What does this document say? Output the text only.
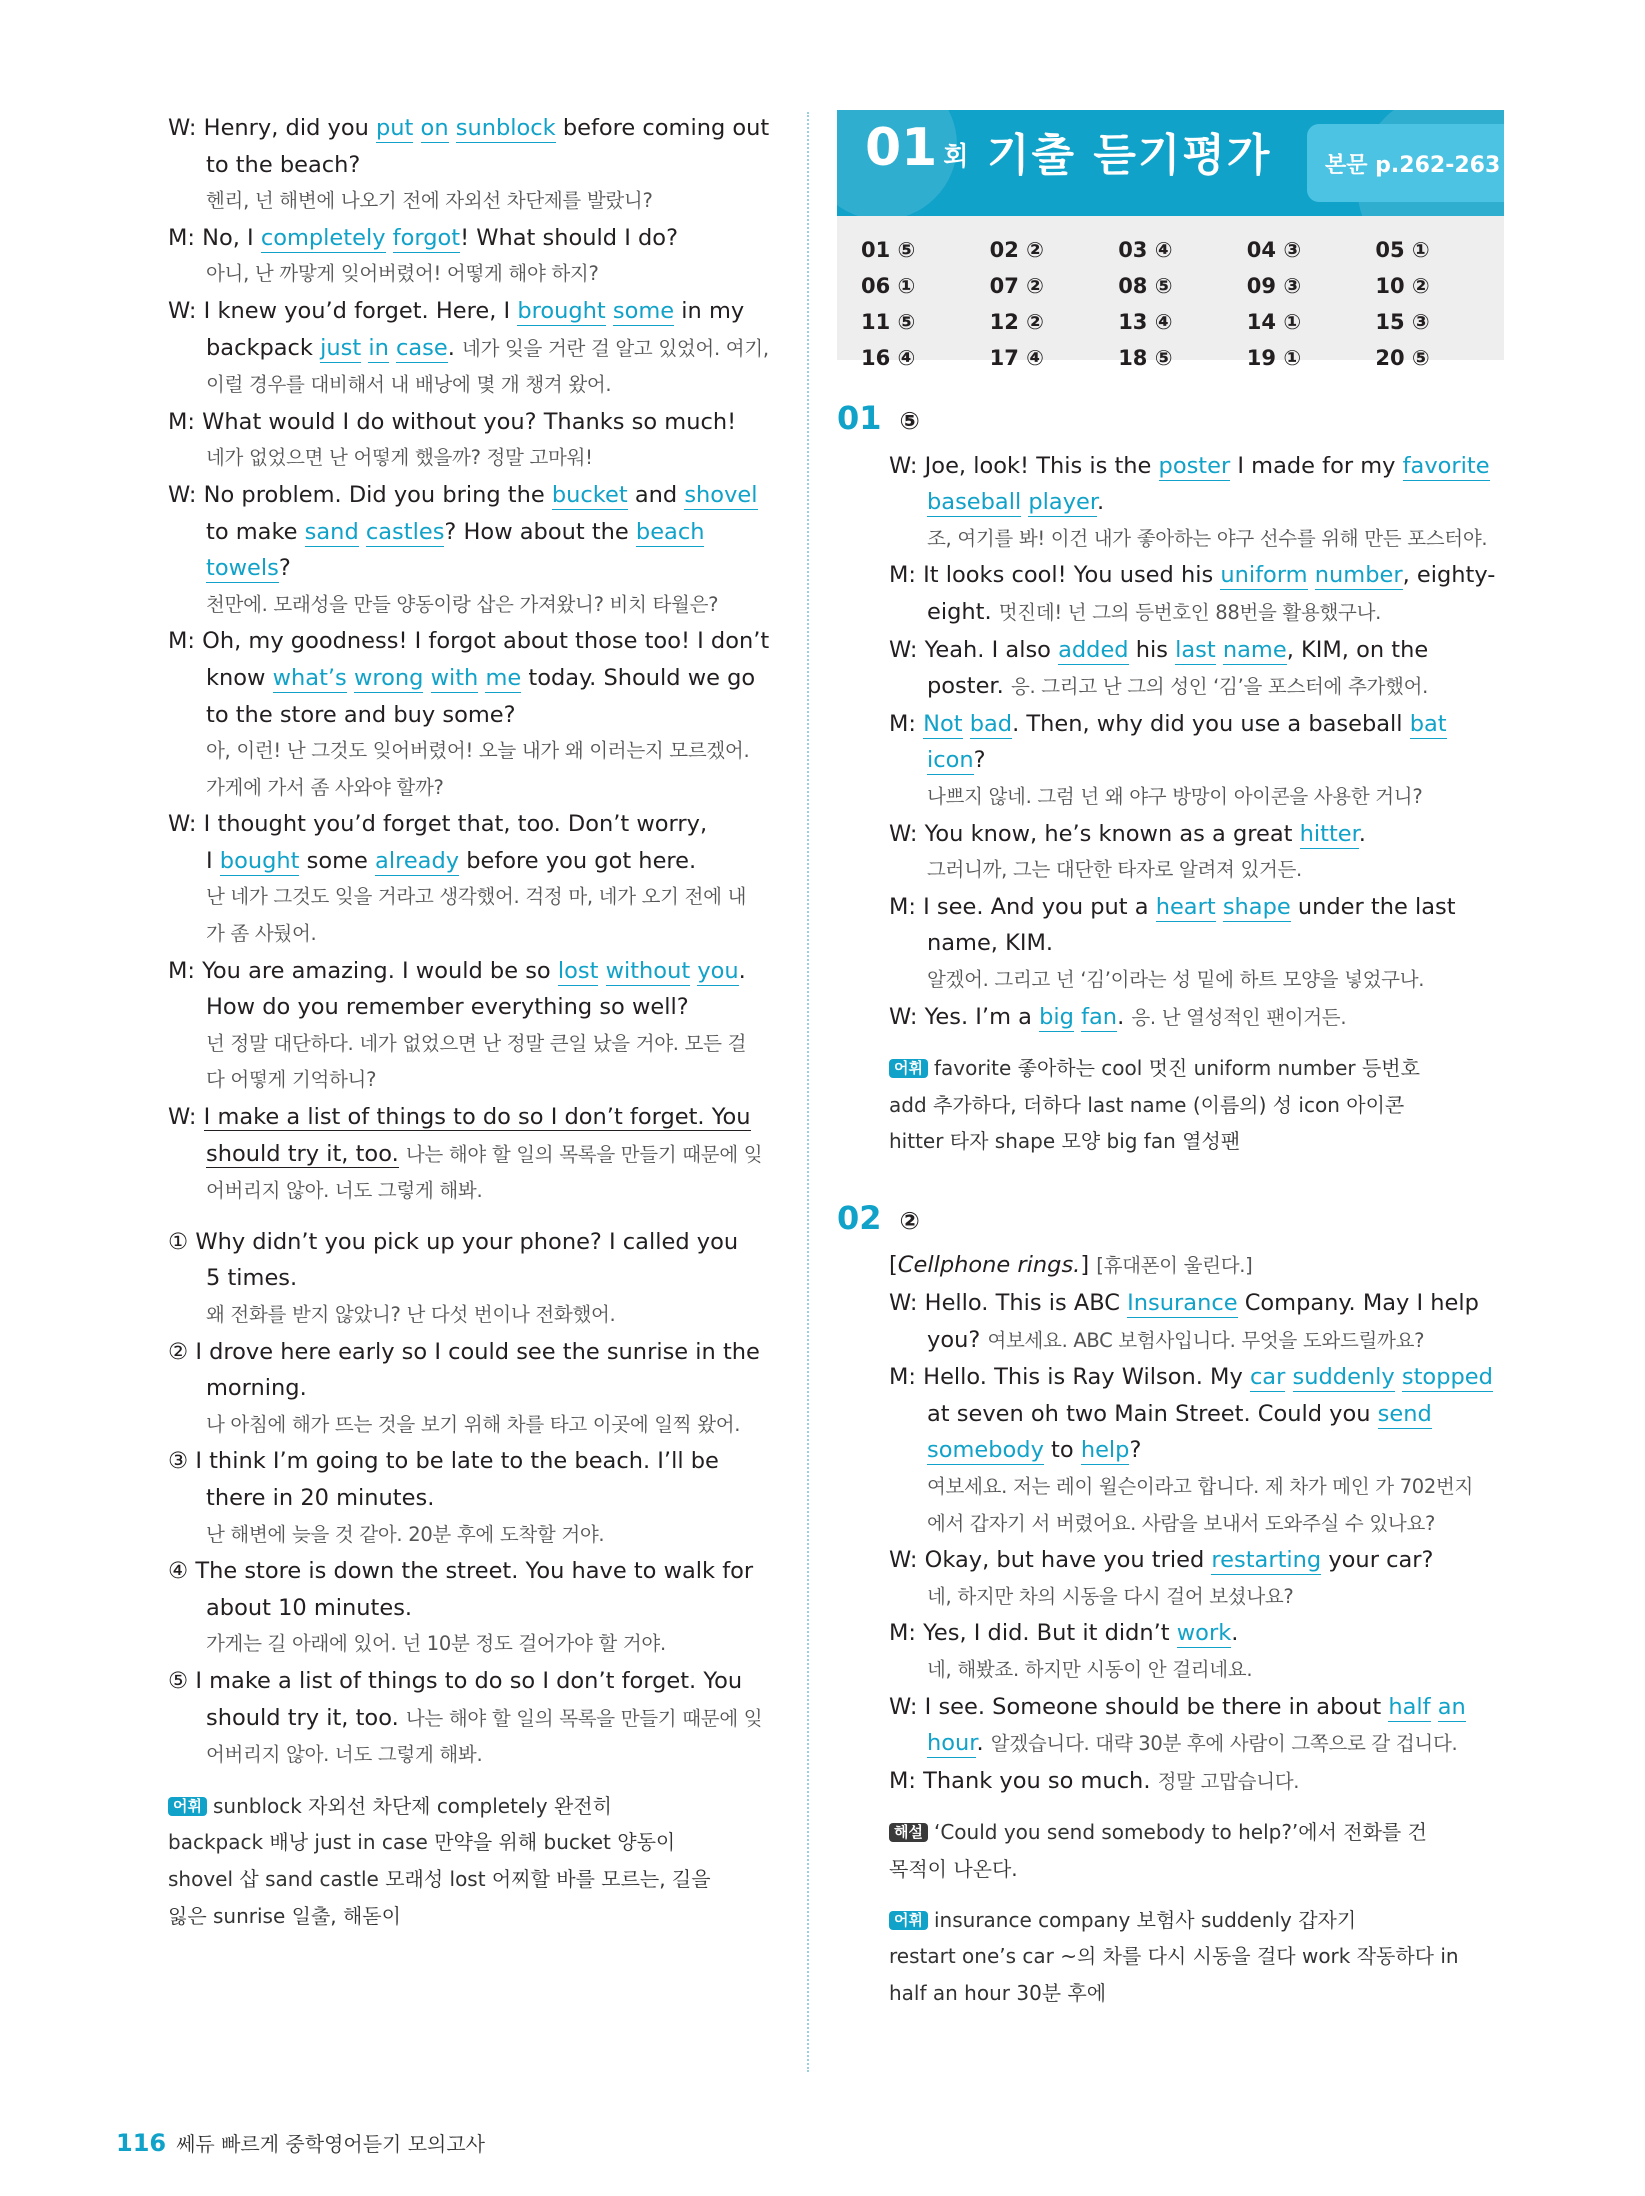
W: Henry, did you put on sunblock before coming out
to the beach?
헨리, 넌 해변에 나오기 전에 자외선 차단제를 발랐니?
M: No, I completely forgot! What should I do?
아니, 난 까맣게 잊어버렸어! 어떻게 해야 하지?
W: I knew you’d forget. Here, I brought some in my
backpack just in case. 네가 잊을 거란 걸 알고 있었어. 여기,
이럴 경우를 대비해서 내 배낭에 몇 개 챙겨 왔어.
M: What would I do without you? Thanks so much!
네가 없었으면 난 어떻게 했을까? 정말 고마워!
W: No problem. Did you bring the bucket and shovel
to make sand castles? How about the beach
towels?
천만에. 모래성을 만들 양동이랑 삽은 가져왔니? 비치 타월은?
M: Oh, my goodness! I forgot about those too! I don’t
know what’s wrong with me today. Should we go
to the store and buy some?
아, 이런! 난 그것도 잊어버렸어! 오늘 내가 왜 이러는지 모르겠어.
가게에 가서 좀 사와야 할까?
W: I thought you’d forget that, too. Don’t worry,
I bought some already before you got here.
난 네가 그것도 잊을 거라고 생각했어. 걱정 마, 네가 오기 전에 내
가 좀 사뒀어.
M: You are amazing. I would be so lost without you.
How do you remember everything so well?
넌 정말 대단하다. 네가 없었으면 난 정말 큰일 났을 거야. 모든 걸
다 어떻게 기억하니?
W: I make a list of things to do so I don’t forget. You
should try it, too. 나는 해야 할 일의 목록을 만들기 때문에 잊
어버리지 않아. 너도 그렇게 해봐.
① Why didn’t you pick up your phone? I called you
5 times.
왜 전화를 받지 않았니? 난 다섯 번이나 전화했어.
② I drove here early so I could see the sunrise in the
morning.
나 아침에 해가 뜨는 것을 보기 위해 차를 타고 이곳에 일찍 왔어.
③ I think I’m going to be late to the beach. I’ll be
there in 20 minutes.
난 해변에 늦을 것 같아. 20분 후에 도착할 거야.
④ The store is down the street. You have to walk for
about 10 minutes.
가게는 길 아래에 있어. 넌 10분 정도 걸어가야 할 거야.
⑤ I make a list of things to do so I don’t forget. You
should try it, too. 나는 해야 할 일의 목록을 만들기 때문에 잊
어버리지 않아. 너도 그렇게 해봐.
어휘 sunblock 자외선 차단제 completely 완전히
backpack 배낭 just in case 만약을 위해 bucket 양동이
shovel 삽 sand castle 모래성 lost 어찌할 바를 모르는, 길을
잃은 sunrise 일출, 해돋이
01 회 기출 듣기평가 본문 p.262-263
01 ⑤	02 ②	03 ④	04 ③	05 ①
06 ①	07 ②	08 ⑤	09 ③	10 ②
11 ⑤	12 ②	13 ④	14 ①	15 ③
16 ④	17 ④	18 ⑤	19 ①	20 ⑤
01 ⑤
W: Joe, look! This is the poster I made for my favorite
baseball player.
조, 여기를 봐! 이건 내가 좋아하는 야구 선수를 위해 만든 포스터야.
M: It looks cool! You used his uniform number, eighty-
eight. 멋진데! 넌 그의 등번호인 88번을 활용했구나.
W: Yeah. I also added his last name, KIM, on the
poster. 응. 그리고 난 그의 성인 ‘김’을 포스터에 추가했어.
M: Not bad. Then, why did you use a baseball bat
icon?
나쁘지 않네. 그럼 넌 왜 야구 방망이 아이콘을 사용한 거니?
W: You know, he’s known as a great hitter.
그러니까, 그는 대단한 타자로 알려져 있거든.
M: I see. And you put a heart shape under the last
name, KIM.
알겠어. 그리고 넌 ‘김’이라는 성 밑에 하트 모양을 넣었구나.
W: Yes. I’m a big fan. 응. 난 열성적인 팬이거든.
어휘 favorite 좋아하는 cool 멋진 uniform number 등번호
add 추가하다, 더하다 last name (이름의) 성 icon 아이콘
hitter 타자 shape 모양 big fan 열성팬
02 ②
[Cellphone rings.] [휴대폰이 울린다.]
W: Hello. This is ABC Insurance Company. May I help
you? 여보세요. ABC 보험사입니다. 무엇을 도와드릴까요?
M: Hello. This is Ray Wilson. My car suddenly stopped
at seven oh two Main Street. Could you send
somebody to help?
여보세요. 저는 레이 윌슨이라고 합니다. 제 차가 메인 가 702번지
에서 갑자기 서 버렸어요. 사람을 보내서 도와주실 수 있나요?
W: Okay, but have you tried restarting your car?
네, 하지만 차의 시동을 다시 걸어 보셨나요?
M: Yes, I did. But it didn’t work.
네, 해봤죠. 하지만 시동이 안 걸리네요.
W: I see. Someone should be there in about half an
hour. 알겠습니다. 대략 30분 후에 사람이 그쪽으로 갈 겁니다.
M: Thank you so much. 정말 고맙습니다.
해설 ‘Could you send somebody to help?’에서 전화를 건
목적이 나온다.
어휘 insurance company 보험사 suddenly 갑자기
restart one’s car ~의 차를 다시 시동을 걸다 work 작동하다 in
half an hour 30분 후에
116 쎄듀 빠르게 중학영어듣기 모의고사
